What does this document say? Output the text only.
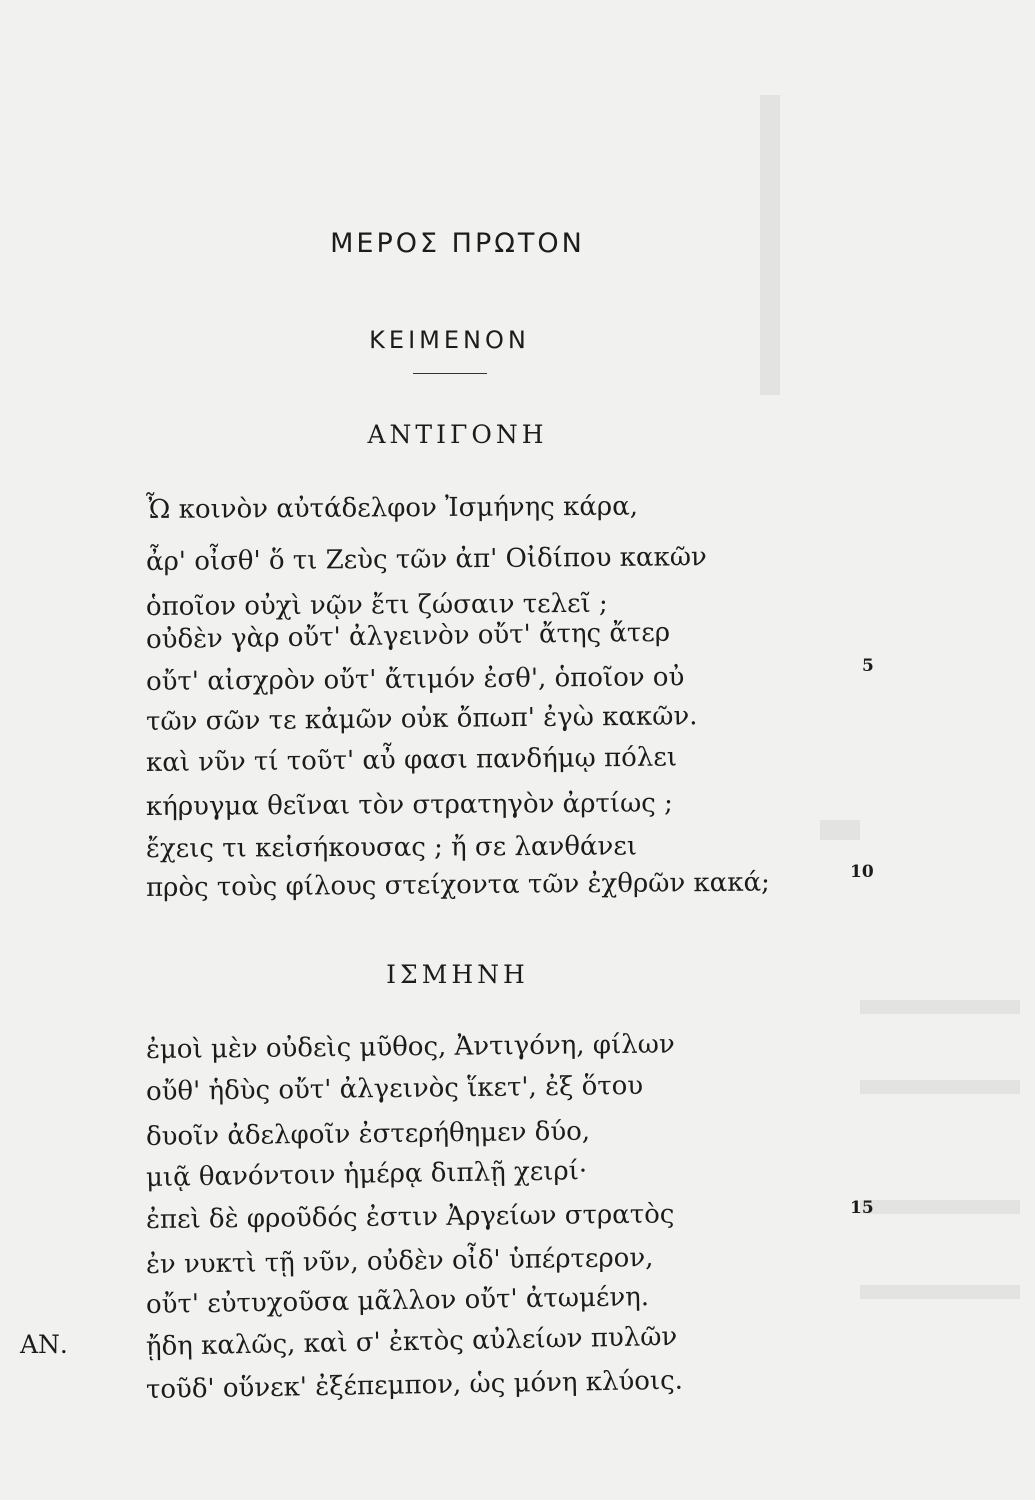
ΜΕΡΟΣ ΠΡΩΤΟΝ
ΚΕΙΜΕΝΟΝ
ΑΝΤΙΓΟΝΗ
Ὦ κοινὸν αὐτάδελφον Ἰσμήνης κάρα,
ἆρ' οἶσθ' ὅ τι Ζεὺς τῶν ἀπ' Οἰδίπου κακῶν
ὁποῖον οὐχὶ νῷν ἔτι ζώσαιν τελεῖ ;
οὐδὲν γὰρ οὔτ' ἀλγεινὸν οὔτ' ἄτης ἄτερ
οὔτ' αἰσχρὸν οὔτ' ἄτιμόν ἐσθ', ὁποῖον οὐ
τῶν σῶν τε κἀμῶν οὐκ ὄπωπ' ἐγὼ κακῶν.
καὶ νῦν τί τοῦτ' αὖ φασι πανδήμῳ πόλει
κήρυγμα θεῖναι τὸν στρατηγὸν ἀρτίως ;
ἔχεις τι κεἰσήκουσας ; ἤ σε λανθάνει
πρὸς τοὺς φίλους στείχοντα τῶν ἐχθρῶν κακά;
ΙΣΜΗΝΗ
ἐμοὶ μὲν οὐδεὶς μῦθος, Ἀντιγόνη, φίλων
οὔθ' ἡδὺς οὔτ' ἀλγεινὸς ἵκετ', ἐξ ὅτου
δυοῖν ἀδελφοῖν ἐστερήθημεν δύο,
μιᾷ θανόντοιν ἡμέρᾳ διπλῇ χειρί·
ἐπεὶ δὲ φροῦδός ἐστιν Ἀργείων στρατὸς
ἐν νυκτὶ τῇ νῦν, οὐδὲν οἶδ' ὑπέρτερον,
οὔτ' εὐτυχοῦσα μᾶλλον οὔτ' ἀτωμένη.
ΑΝ.	ᾔδη καλῶς, καὶ σ' ἐκτὸς αὐλείων πυλῶν
τοῦδ' οὕνεκ' ἐξέπεμπον, ὡς μόνη κλύοις.
5
10
15
